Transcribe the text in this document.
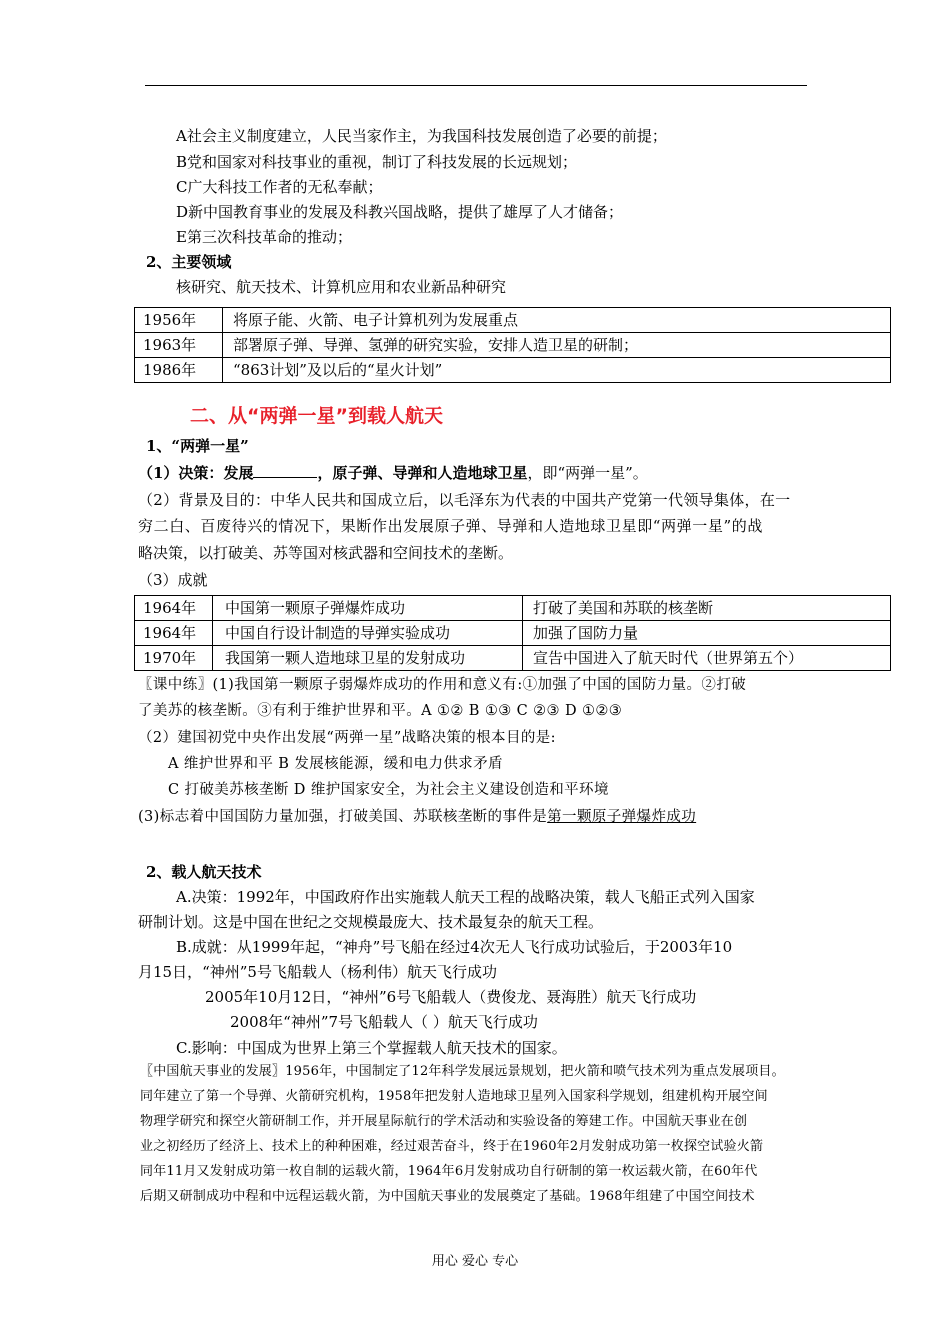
A社会主义制度建立，人民当家作主，为我国科技发展创造了必要的前提；
B党和国家对科技事业的重视，制订了科技发展的长远规划；
C广大科技工作者的无私奉献；
D新中国教育事业的发展及科教兴国战略，提供了雄厚了人才储备；
E第三次科技革命的推动；
2、主要领域
核研究、航天技术、计算机应用和农业新品种研究
1956年	将原子能、火箭、电子计算机列为发展重点
1963年	部署原子弹、导弹、氢弹的研究实验，安排人造卫星的研制；
1986年	“863计划”及以后的“星火计划”
二、从“两弹一星”到载人航天
1、“两弹一星”
（1）决策：发展	，原子弹、导弹和人造地球卫星，即“两弹一星”。
（2）背景及目的：中华人民共和国成立后，以毛泽东为代表的中国共产党第一代领导集体，在一
穷二白、百废待兴的情况下，果断作出发展原子弹、导弹和人造地球卫星即“两弹一星”的战
略决策，以打破美、苏等国对核武器和空间技术的垄断。
（3）成就
1964年	中国第一颗原子弹爆炸成功	打破了美国和苏联的核垄断
1964年	中国自行设计制造的导弹实验成功	加强了国防力量
1970年	我国第一颗人造地球卫星的发射成功	宣告中国进入了航天时代（世界第五个）
〖课中练〗(1)我国第一颗原子弱爆炸成功的作用和意义有:①加强了中国的国防力量。②打破
了美苏的核垄断。③有利于维护世界和平。A ①② B ①③ C ②③ D ①②③
（2）建国初党中央作出发展“两弹一星”战略决策的根本目的是:
A 维护世界和平 B 发展核能源，缓和电力供求矛盾
C 打破美苏核垄断 D 维护国家安全，为社会主义建设创造和平环境
(3)标志着中国国防力量加强，打破美国、苏联核垄断的事件是第一颗原子弹爆炸成功
2、载人航天技术
A.决策：1992年，中国政府作出实施载人航天工程的战略决策，载人飞船正式列入国家
研制计划。这是中国在世纪之交规模最庞大、技术最复杂的航天工程。
B.成就：从1999年起，“神舟”号飞船在经过4次无人飞行成功试验后，于2003年10
月15日，“神州”5号飞船载人（杨利伟）航天飞行成功
2005年10月12日，“神州”6号飞船载人（费俊龙、聂海胜）航天飞行成功
2008年“神州”7号飞船载人（ ）航天飞行成功
C.影响：中国成为世界上第三个掌握载人航天技术的国家。
〖中国航天事业的发展〗1956年，中国制定了12年科学发展远景规划，把火箭和喷气技术列为重点发展项目。
同年建立了第一个导弹、火箭研究机构，1958年把发射人造地球卫星列入国家科学规划，组建机构开展空间
物理学研究和探空火箭研制工作，并开展星际航行的学术活动和实验设备的筹建工作。中国航天事业在创
业之初经历了经济上、技术上的种种困难，经过艰苦奋斗，终于在1960年2月发射成功第一枚探空试验火箭
同年11月又发射成功第一枚自制的运载火箭，1964年6月发射成功自行研制的第一枚运载火箭，在60年代
后期又研制成功中程和中远程运载火箭，为中国航天事业的发展奠定了基础。1968年组建了中国空间技术
用心 爱心 专心
